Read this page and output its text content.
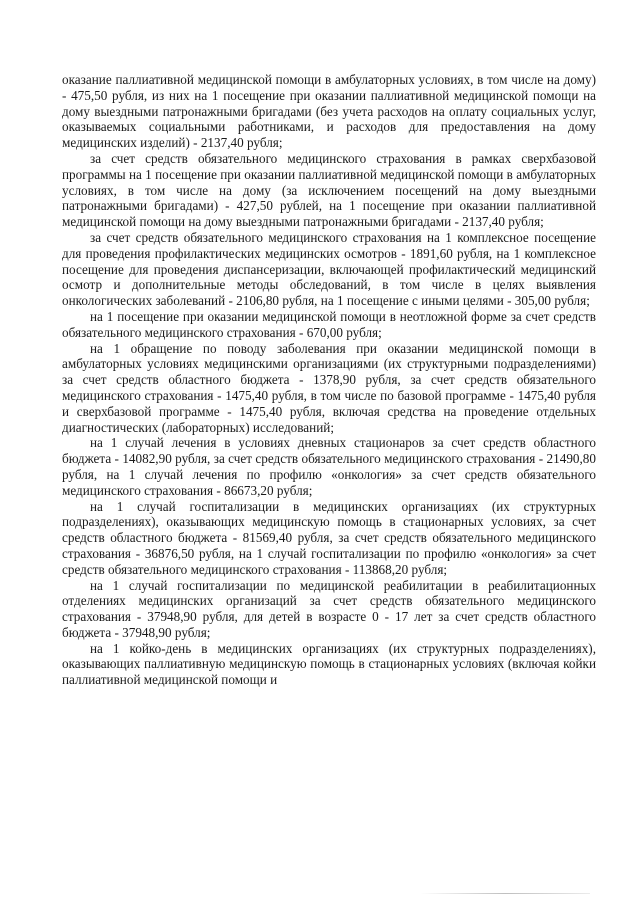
оказание паллиативной медицинской помощи в амбулаторных условиях, в том числе на дому) - 475,50 рубля, из них на 1 посещение при оказании паллиативной медицинской помощи на дому выездными патронажными бригадами (без учета расходов на оплату социальных услуг, оказываемых социальными работниками, и расходов для предоставления на дому медицинских изделий) - 2137,40 рубля;

за счет средств обязательного медицинского страхования в рамках сверхбазовой программы на 1 посещение при оказании паллиативной медицинской помощи в амбулаторных условиях, в том числе на дому (за исключением посещений на дому выездными патронажными бригадами) - 427,50 рублей, на 1 посещение при оказании паллиативной медицинской помощи на дому выездными патронажными бригадами - 2137,40 рубля;

за счет средств обязательного медицинского страхования на 1 комплексное посещение для проведения профилактических медицинских осмотров - 1891,60 рубля, на 1 комплексное посещение для проведения диспансеризации, включающей профилактический медицинский осмотр и дополнительные методы обследований, в том числе в целях выявления онкологических заболеваний - 2106,80 рубля, на 1 посещение с иными целями - 305,00 рубля;

на 1 посещение при оказании медицинской помощи в неотложной форме за счет средств обязательного медицинского страхования - 670,00 рубля;

на 1 обращение по поводу заболевания при оказании медицинской помощи в амбулаторных условиях медицинскими организациями (их структурными подразделениями) за счет средств областного бюджета - 1378,90 рубля, за счет средств обязательного медицинского страхования - 1475,40 рубля, в том числе по базовой программе - 1475,40 рубля и сверхбазовой программе - 1475,40 рубля, включая средства на проведение отдельных диагностических (лабораторных) исследований;

на 1 случай лечения в условиях дневных стационаров за счет средств областного бюджета - 14082,90 рубля, за счет средств обязательного медицинского страхования - 21490,80 рубля, на 1 случай лечения по профилю «онкология» за счет средств обязательного медицинского страхования - 86673,20 рубля;

на 1 случай госпитализации в медицинских организациях (их структурных подразделениях), оказывающих медицинскую помощь в стационарных условиях, за счет средств областного бюджета - 81569,40 рубля, за счет средств обязательного медицинского страхования - 36876,50 рубля, на 1 случай госпитализации по профилю «онкология» за счет средств обязательного медицинского страхования - 113868,20 рубля;

на 1 случай госпитализации по медицинской реабилитации в реабилитационных отделениях медицинских организаций за счет средств обязательного медицинского страхования - 37948,90 рубля, для детей в возрасте 0 - 17 лет за счет средств областного бюджета - 37948,90 рубля;

на 1 койко-день в медицинских организациях (их структурных подразделениях), оказывающих паллиативную медицинскую помощь в стационарных условиях (включая койки паллиативной медицинской помощи и
